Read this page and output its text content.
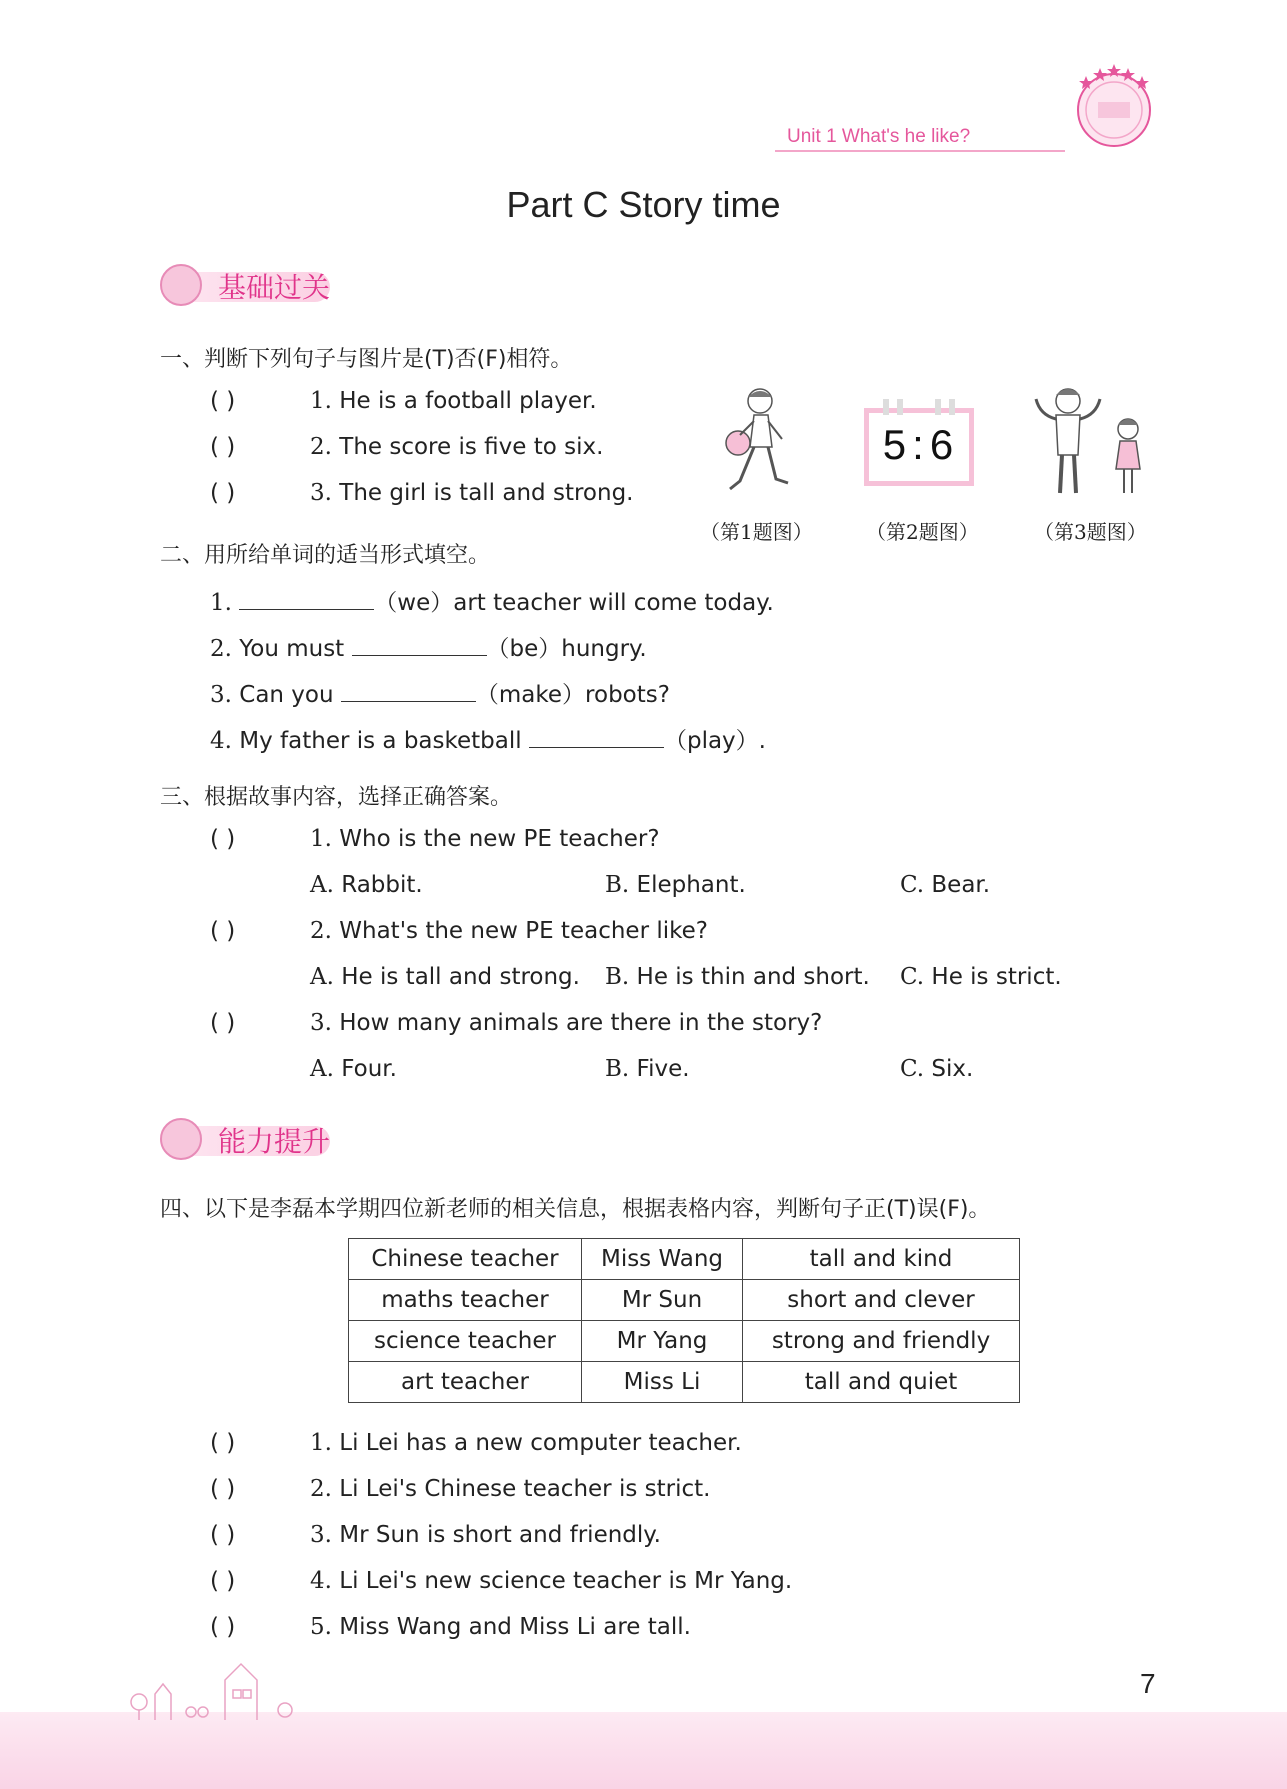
Unit 1 What's he like?
Part C Story time
基础过关
一、判断下列句子与图片是(T)否(F)相符。
( )	1. He is a football player.
( )	2. The score is five to six.
( )	3. The girl is tall and strong.
5:6
（第1题图）	（第2题图）	（第3题图）
二、用所给单词的适当形式填空。
1.	（we）art teacher will come today.
2. You must	（be）hungry.
3. Can you	（make）robots?
4. My father is a basketball	（play）.
三、根据故事内容，选择正确答案。
( )	1. Who is the new PE teacher?
A. Rabbit.	B. Elephant.	C. Bear.
( )	2. What's the new PE teacher like?
A. He is tall and strong. B. He is thin and short. C. He is strict.
( )	3. How many animals are there in the story?
A. Four.	B. Five.	C. Six.
能力提升
四、以下是李磊本学期四位新老师的相关信息，根据表格内容，判断句子正(T)误(F)。
Chinese teacher	Miss Wang	tall and kind
maths teacher	Mr Sun	short and clever
science teacher	Mr Yang	strong and friendly
art teacher	Miss Li	tall and quiet
( )	1. Li Lei has a new computer teacher.
( )	2. Li Lei's Chinese teacher is strict.
( )	3. Mr Sun is short and friendly.
( )	4. Li Lei's new science teacher is Mr Yang.
( )	5. Miss Wang and Miss Li are tall.
7
